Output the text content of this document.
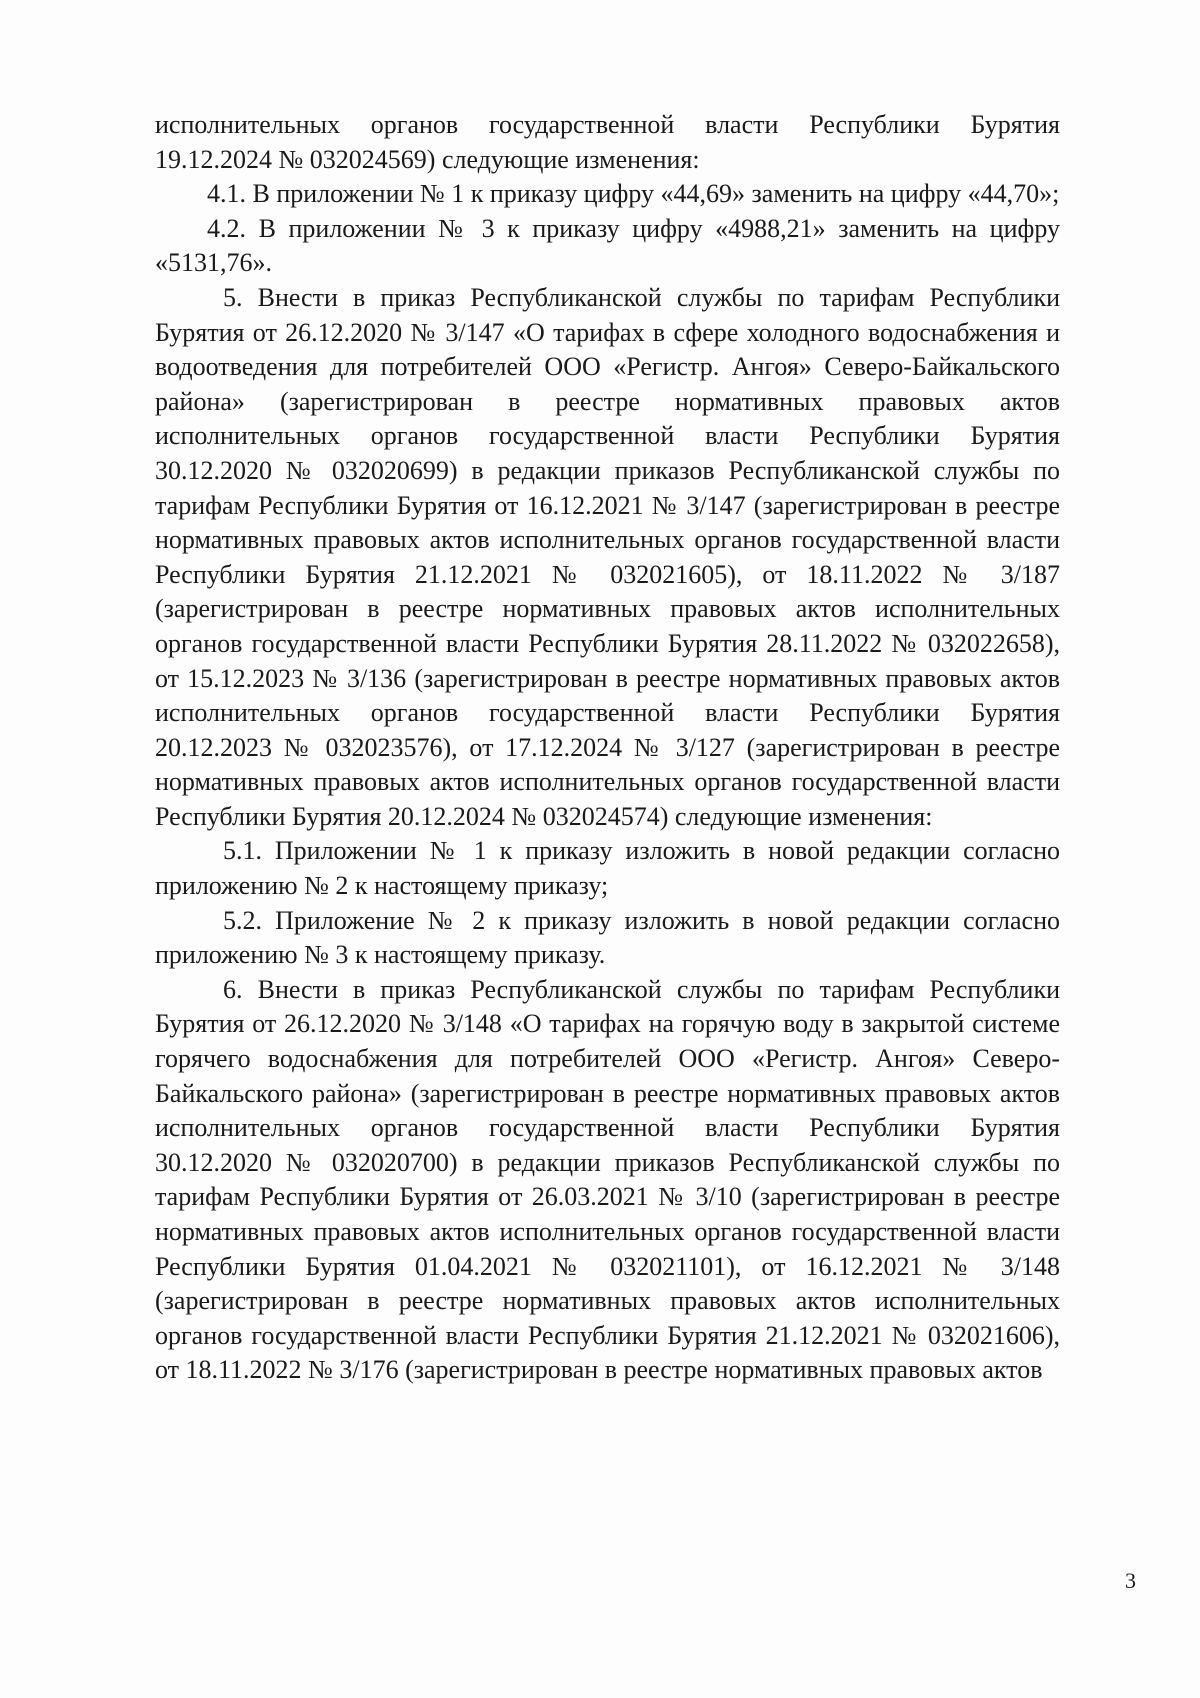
исполнительных органов государственной власти Республики Бурятия 19.12.2024 № 032024569) следующие изменения:

4.1. В приложении № 1 к приказу цифру «44,69» заменить на цифру «44,70»;

4.2. В приложении № 3 к приказу цифру «4988,21» заменить на цифру «5131,76».

5. Внести в приказ Республиканской службы по тарифам Республики Бурятия от 26.12.2020 № 3/147 «О тарифах в сфере холодного водоснабжения и водоотведения для потребителей ООО «Регистр. Ангоя» Северо-Байкальского района» (зарегистрирован в реестре нормативных правовых актов исполнительных органов государственной власти Республики Бурятия 30.12.2020 № 032020699) в редакции приказов Республиканской службы по тарифам Республики Бурятия от 16.12.2021 № 3/147 (зарегистрирован в реестре нормативных правовых актов исполнительных органов государственной власти Республики Бурятия 21.12.2021 № 032021605), от 18.11.2022 № 3/187 (зарегистрирован в реестре нормативных правовых актов исполнительных органов государственной власти Республики Бурятия 28.11.2022 № 032022658), от 15.12.2023 № 3/136 (зарегистрирован в реестре нормативных правовых актов исполнительных органов государственной власти Республики Бурятия 20.12.2023 № 032023576), от 17.12.2024 № 3/127 (зарегистрирован в реестре нормативных правовых актов исполнительных органов государственной власти Республики Бурятия 20.12.2024 № 032024574) следующие изменения:

5.1. Приложении № 1 к приказу изложить в новой редакции согласно приложению № 2 к настоящему приказу;

5.2. Приложение № 2 к приказу изложить в новой редакции согласно приложению № 3 к настоящему приказу.

6. Внести в приказ Республиканской службы по тарифам Республики Бурятия от 26.12.2020 № 3/148 «О тарифах на горячую воду в закрытой системе горячего водоснабжения для потребителей ООО «Регистр. Ангоя» Северо-Байкальского района» (зарегистрирован в реестре нормативных правовых актов исполнительных органов государственной власти Республики Бурятия 30.12.2020 № 032020700) в редакции приказов Республиканской службы по тарифам Республики Бурятия от 26.03.2021 № 3/10 (зарегистрирован в реестре нормативных правовых актов исполнительных органов государственной власти Республики Бурятия 01.04.2021 № 032021101), от 16.12.2021 № 3/148 (зарегистрирован в реестре нормативных правовых актов исполнительных органов государственной власти Республики Бурятия 21.12.2021 № 032021606), от 18.11.2022 № 3/176 (зарегистрирован в реестре нормативных правовых актов

3
